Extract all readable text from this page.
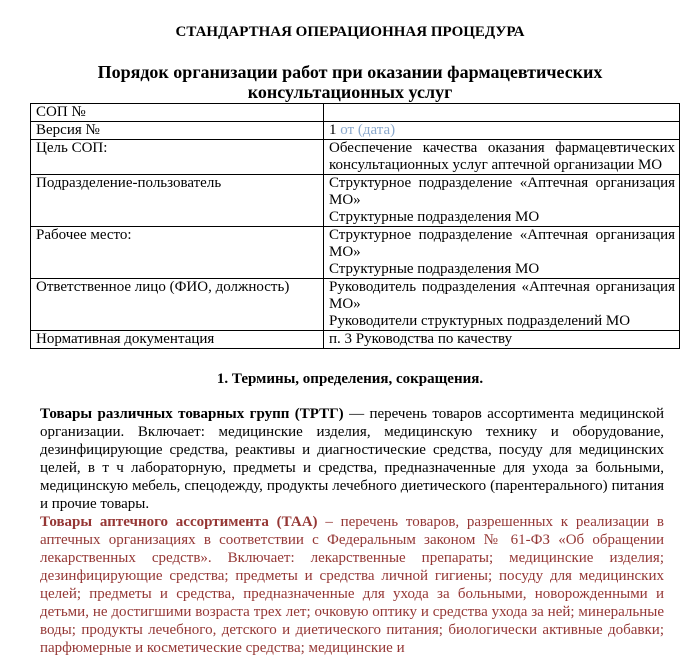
СТАНДАРТНАЯ ОПЕРАЦИОННАЯ ПРОЦЕДУРА
Порядок организации работ при оказании фармацевтических консультационных услуг
СОП №	
Версия №	1 от (дата)
Цель СОП:	Обеспечение качества оказания фармацевтических консультационных услуг аптечной организации МО
Подразделение-пользователь	Структурное подразделение «Аптечная организация МО»
Структурные подразделения МО

Рабочее место:	Структурное подразделение «Аптечная организация МО»
Структурные подразделения МО

Ответственное лицо (ФИО, должность)	Руководитель подразделения «Аптечная организация МО»
Руководители структурных подразделений МО

Нормативная документация	п. 3 Руководства по качеству
1. Термины, определения, сокращения.

Товары различных товарных групп (ТРТГ) — перечень товаров ассортимента медицинской организации. Включает: медицинские изделия, медицинскую технику и оборудование, дезинфицирующие средства, реактивы и диагностические средства, посуду для медицинских целей, в т ч лабораторную, предметы и средства, предназначенные для ухода за больными, медицинскую мебель, спецодежду, продукты лечебного диетического (парентерального) питания и прочие товары.

Товары аптечного ассортимента (ТАА) – перечень товаров, разрешенных к реализации в аптечных организациях в соответствии с Федеральным законом № 61-ФЗ «Об обращении лекарственных средств». Включает: лекарственные препараты; медицинские изделия; дезинфицирующие средства; предметы и средства личной гигиены; посуду для медицинских целей; предметы и средства, предназначенные для ухода за больными, новорожденными и детьми, не достигшими возраста трех лет; очковую оптику и средства ухода за ней; минеральные воды; продукты лечебного, детского и диетического питания; биологически активные добавки; парфюмерные и косметические средства; медицинские и
